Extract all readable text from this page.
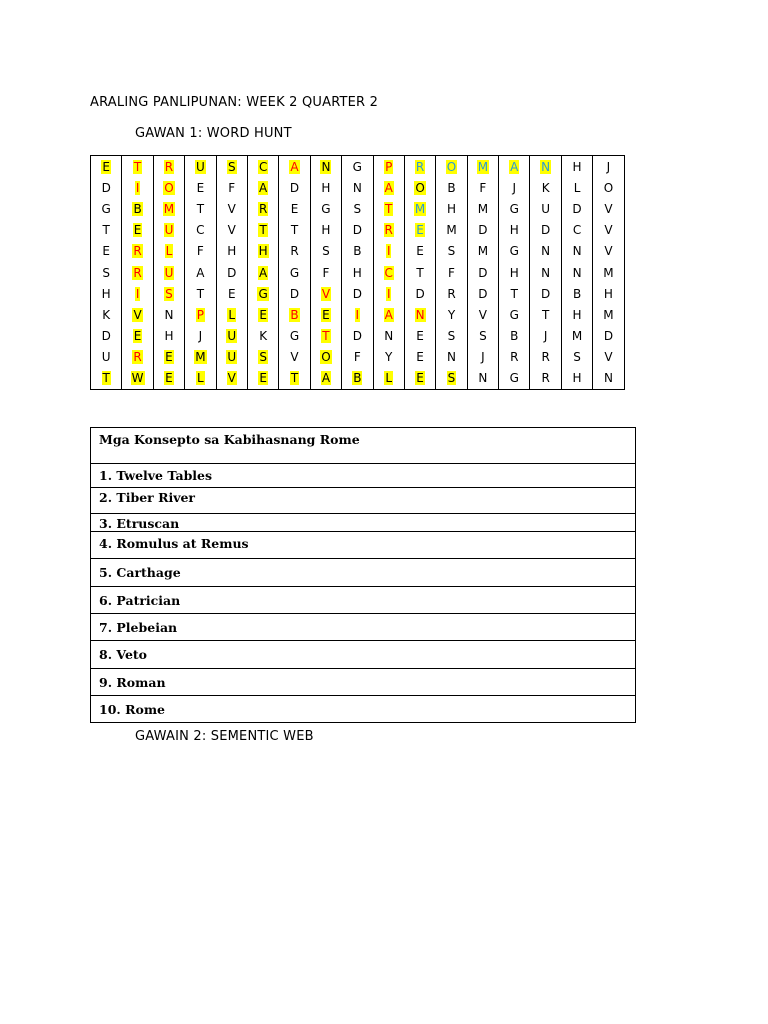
ARALING PANLIPUNAN: WEEK 2 QUARTER 2
GAWAN 1: WORD HUNT
E	T	R	U	S	C	A	N	G	P	R	O	M	A	N	H	J
D	I	O	E	F	A	D	H	N	A	O	B	F	J	K	L	O
G	B	M	T	V	R	E	G	S	T	M	H	M	G	U	D	V
T	E	U	C	V	T	T	H	D	R	E	M	D	H	D	C	V
E	R	L	F	H	H	R	S	B	I	E	S	M	G	N	N	V
S	R	U	A	D	A	G	F	H	C	T	F	D	H	N	N	M
H	I	S	T	E	G	D	V	D	I	D	R	D	T	D	B	H
K	V	N	P	L	E	B	E	I	A	N	Y	V	G	T	H	M
D	E	H	J	U	K	G	T	D	N	E	S	S	B	J	M	D
U	R	E	M	U	S	V	O	F	Y	E	N	J	R	R	S	V
T	W	E	L	V	E	T	A	B	L	E	S	N	G	R	H	N
Mga Konsepto sa Kabihasnang Rome
1. Twelve Tables
2. Tiber River
3. Etruscan
4. Romulus at Remus
5. Carthage
6. Patrician
7. Plebeian
8. Veto
9. Roman
10. Rome
GAWAIN 2: SEMENTIC WEB
